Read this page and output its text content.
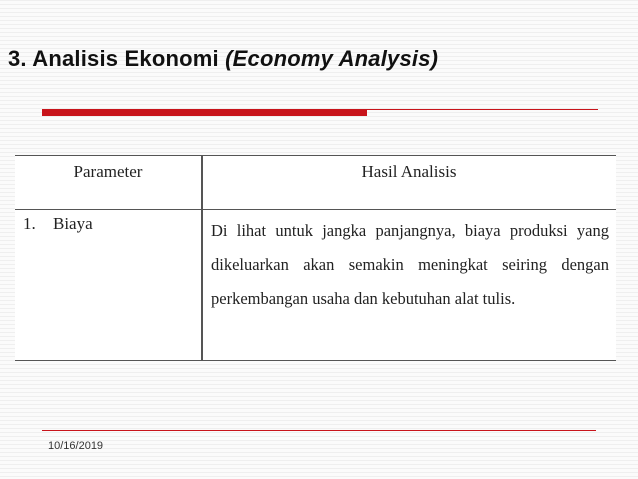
3. Analisis Ekonomi (Economy Analysis)
Parameter	Hasil Analisis
1. Biaya	Di lihat untuk jangka panjangnya, biaya produksi yang dikeluarkan akan semakin meningkat seiring dengan perkembangan usaha dan kebutuhan alat tulis.

10/16/2019
